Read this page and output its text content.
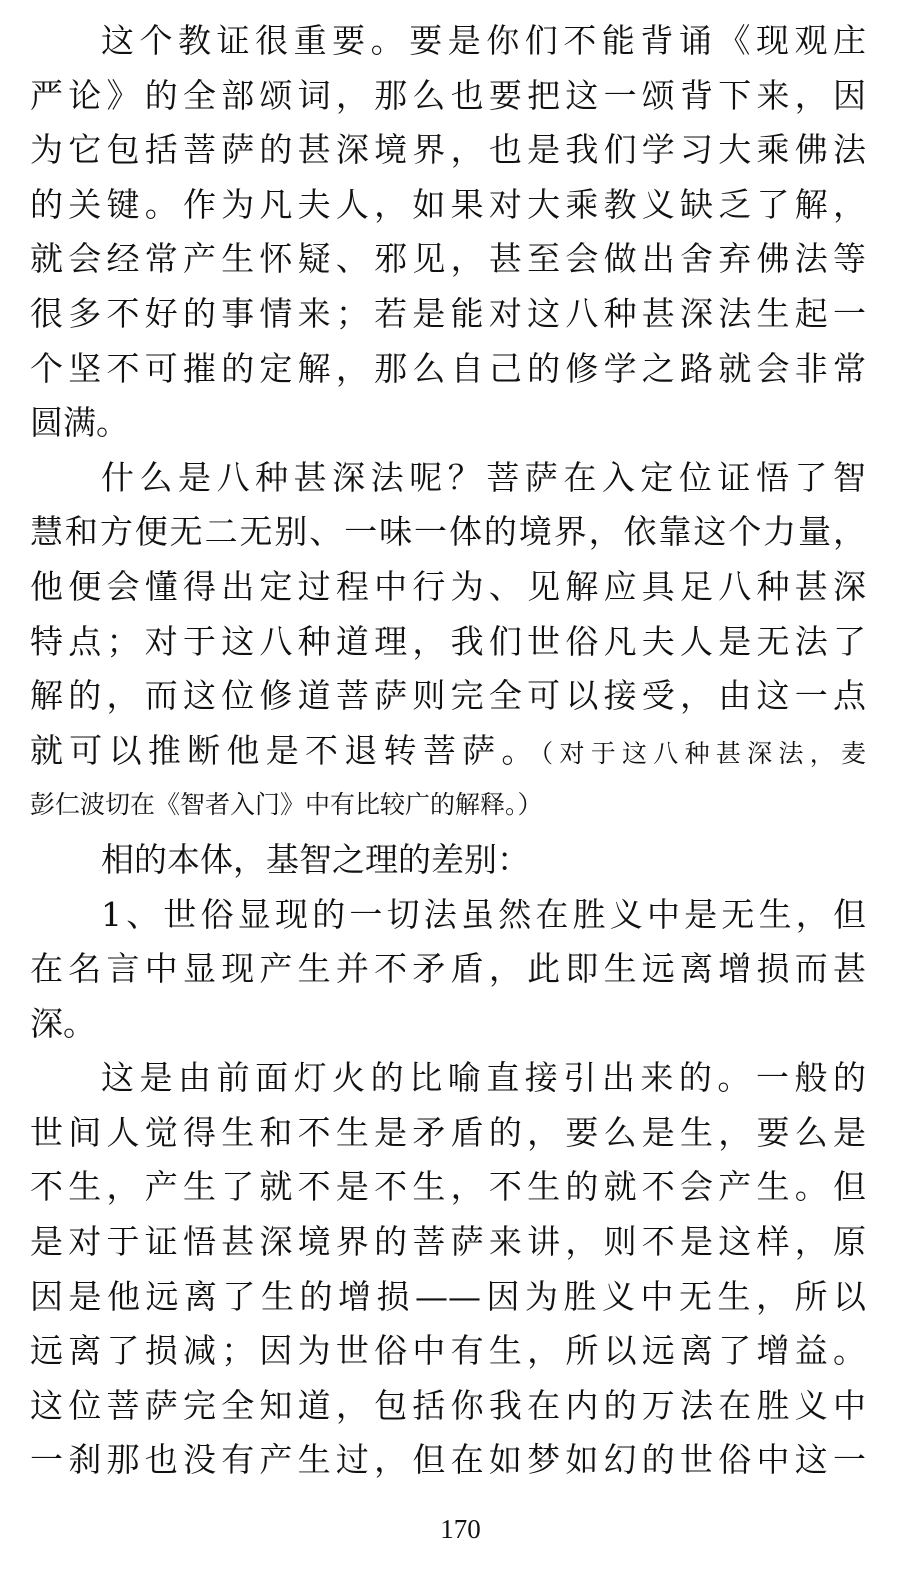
这个教证很重要。要是你们不能背诵《现观庄
严论》的全部颂词，那么也要把这一颂背下来，因
为它包括菩萨的甚深境界，也是我们学习大乘佛法
的关键。作为凡夫人，如果对大乘教义缺乏了解，
就会经常产生怀疑、邪见，甚至会做出舍弃佛法等
很多不好的事情来；若是能对这八种甚深法生起一
个坚不可摧的定解，那么自己的修学之路就会非常
圆满。
什么是八种甚深法呢？菩萨在入定位证悟了智
慧和方便无二无别、一味一体的境界，依靠这个力量，
他便会懂得出定过程中行为、见解应具足八种甚深
特点；对于这八种道理，我们世俗凡夫人是无法了
解的，而这位修道菩萨则完全可以接受，由这一点
就可以推断他是不退转菩萨。（对于这八种甚深法，麦
彭仁波切在《智者入门》中有比较广的解释。）
相的本体，基智之理的差别：
1、世俗显现的一切法虽然在胜义中是无生，但
在名言中显现产生并不矛盾，此即生远离增损而甚
深。
这是由前面灯火的比喻直接引出来的。一般的
世间人觉得生和不生是矛盾的，要么是生，要么是
不生，产生了就不是不生，不生的就不会产生。但
是对于证悟甚深境界的菩萨来讲，则不是这样，原
因是他远离了生的增损——因为胜义中无生，所以
远离了损减；因为世俗中有生，所以远离了增益。
这位菩萨完全知道，包括你我在内的万法在胜义中
一刹那也没有产生过，但在如梦如幻的世俗中这一
170
